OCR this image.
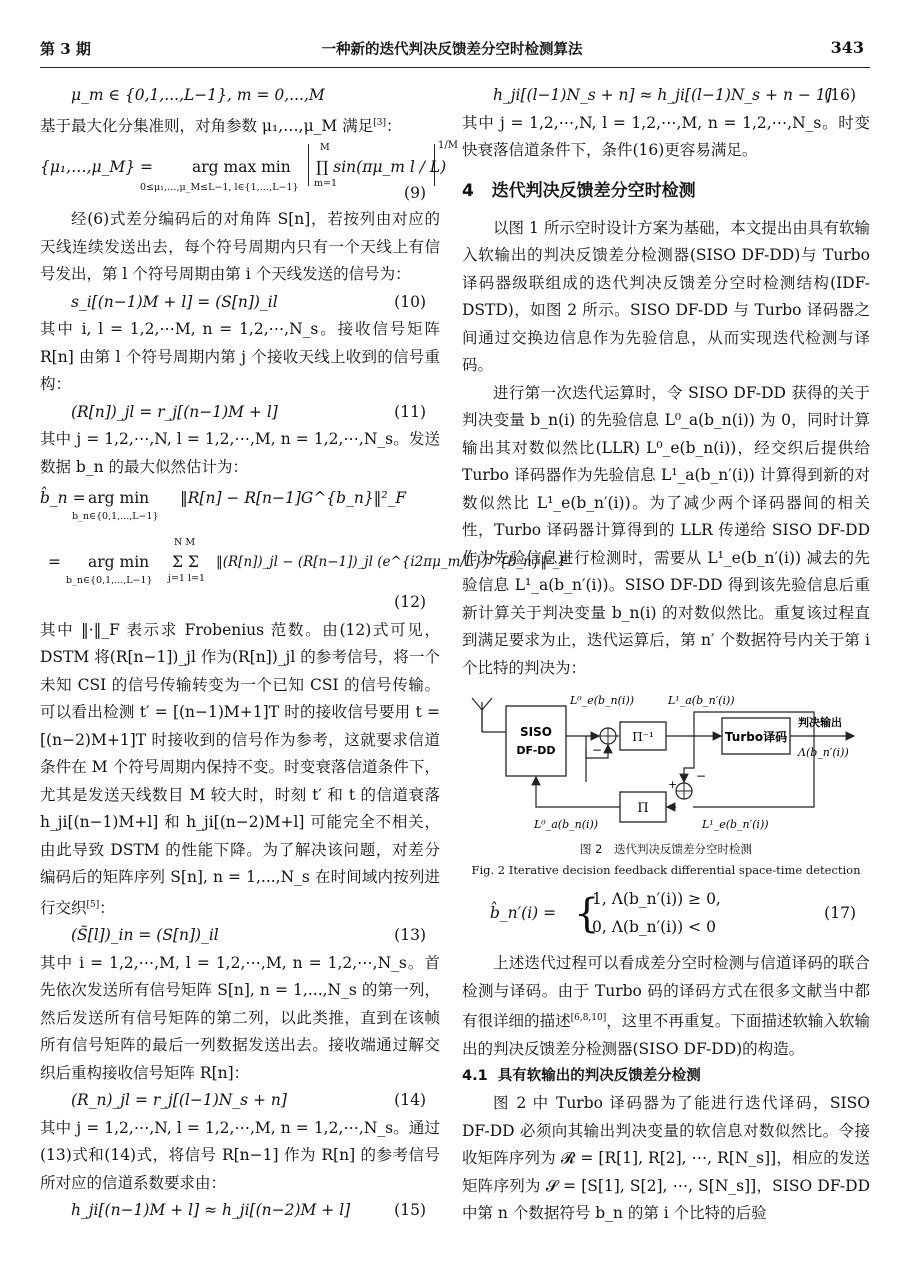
第 3 期	一种新的迭代判决反馈差分空时检测算法	343
μ_m ∈ {0,1,...,L−1}, m = 0,...,M
基于最大化分集准则，对角参数 μ₁,…,μ_M 满足[3]：
{μ₁,…,μ_M} =	arg max min
0≤μ₁,…,μ_M≤L−1, l∈{1,…,L−1}
M
∏ sin(πμ_m l / L)
m=1
1/M
(9)
经(6)式差分编码后的对角阵 S[n]，若按列由对应的天线连续发送出去，每个符号周期内只有一个天线上有信号发出，第 l 个符号周期由第 i 个天线发送的信号为：
s_i[(n−1)M + l] = (S[n])_il	(10)
其中 i, l = 1,2,⋯M, n = 1,2,⋯,N_s。接收信号矩阵 R[n] 由第 l 个符号周期内第 j 个接收天线上收到的信号重构：
(R[n])_jl = r_j[(n−1)M + l]	(11)
其中 j = 1,2,⋯,N, l = 1,2,⋯,M, n = 1,2,⋯,N_s。发送数据 b_n 的最大似然估计为：
b̂_n = arg min
b_n∈{0,1,...,L−1}
‖R[n] − R[n−1]G^{b_n}‖²_F
= arg min
b_n∈{0,1,...,L−1}
N M
Σ Σ
j=1 l=1
‖(R[n])_jl − (R[n−1])_jl (e^{i2πμ_m/L})^{b_n}‖²_F
(12)
其中 ‖·‖_F 表示求 Frobenius 范数。由(12)式可见，DSTM 将(R[n−1])_jl 作为(R[n])_jl 的参考信号，将一个未知 CSI 的信号传输转变为一个已知 CSI 的信号传输。可以看出检测 t′ = [(n−1)M+1]T 时的接收信号要用 t = [(n−2)M+1]T 时接收到的信号作为参考，这就要求信道条件在 M 个符号周期内保持不变。时变衰落信道条件下，尤其是发送天线数目 M 较大时，时刻 t′ 和 t 的信道衰落 h_ji[(n−1)M+l] 和 h_ji[(n−2)M+l] 可能完全不相关，由此导致 DSTM 的性能下降。为了解决该问题，对差分编码后的矩阵序列 S[n], n = 1,...,N_s 在时间域内按列进行交织[5]：
(S̃[l])_in = (S[n])_il	(13)
其中 i = 1,2,⋯,M, l = 1,2,⋯,M, n = 1,2,⋯,N_s。首先依次发送所有信号矩阵 S[n], n = 1,...,N_s 的第一列，然后发送所有信号矩阵的第二列，以此类推，直到在该帧所有信号矩阵的最后一列数据发送出去。接收端通过解交织后重构接收信号矩阵 R[n]：
(R_n)_jl = r_j[(l−1)N_s + n]	(14)
其中 j = 1,2,⋯,N, l = 1,2,⋯,M, n = 1,2,⋯,N_s。通过(13)式和(14)式，将信号 R[n−1] 作为 R[n] 的参考信号所对应的信道系数要求由：
h_ji[(n−1)M + l] ≈ h_ji[(n−2)M + l]	(15)
h_ji[(l−1)N_s + n] ≈ h_ji[(l−1)N_s + n − 1]
(16)
其中 j = 1,2,⋯,N, l = 1,2,⋯,M, n = 1,2,⋯,N_s。时变快衰落信道条件下，条件(16)更容易满足。
4 迭代判决反馈差分空时检测
以图 1 所示空时设计方案为基础，本文提出由具有软输入软输出的判决反馈差分检测器(SISO DF-DD)与 Turbo 译码器级联组成的迭代判决反馈差分空时检测结构(IDF-DSTD)，如图 2 所示。SISO DF-DD 与 Turbo 译码器之间通过交换边信息作为先验信息，从而实现迭代检测与译码。
进行第一次迭代运算时，令 SISO DF-DD 获得的关于判决变量 b_n(i) 的先验信息 L⁰_a(b_n(i)) 为 0，同时计算输出其对数似然比(LLR) L⁰_e(b_n(i))，经交织后提供给 Turbo 译码器作为先验信息 L¹_a(b_n′(i)) 计算得到新的对数似然比 L¹_e(b_n′(i))。为了减少两个译码器间的相关性，Turbo 译码器计算得到的 LLR 传递给 SISO DF-DD 作为先验信息进行检测时，需要从 L¹_e(b_n′(i)) 减去的先验信息 L¹_a(b_n′(i))。SISO DF-DD 得到该先验信息后重新计算关于判决变量 b_n(i) 的对数似然比。重复该过程直到满足要求为止，迭代运算后，第 n′ 个数据符号内关于第 i 个比特的判决为：
SISO
DF-DD
Π⁻¹	Turbo译码
Π
L⁰_e(b_n(i))	L¹_a(b_n′(i))
判决输出
Λ(b_n′(i))
L⁰_a(b_n(i))	L¹_e(b_n′(i))
−
−
+
图 2　迭代判决反馈差分空时检测
Fig. 2 Iterative decision feedback differential space-time detection
b̂_n′(i) = {
1, Λ(b_n′(i)) ≥ 0,
0, Λ(b_n′(i)) < 0
(17)
上述迭代过程可以看成差分空时检测与信道译码的联合检测与译码。由于 Turbo 码的译码方式在很多文献当中都有很详细的描述[6,8,10]，这里不再重复。下面描述软输入软输出的判决反馈差分检测器(SISO DF-DD)的构造。
4.1 具有软输出的判决反馈差分检测
图 2 中 Turbo 译码器为了能进行迭代译码，SISO DF-DD 必须向其输出判决变量的软信息对数似然比。令接收矩阵序列为 𝓡 = [R[1], R[2], ⋯, R[N_s]]，相应的发送矩阵序列为 𝓢 = [S[1], S[2], ⋯, S[N_s]]，SISO DF-DD 中第 n 个数据符号 b_n 的第 i 个比特的后验
